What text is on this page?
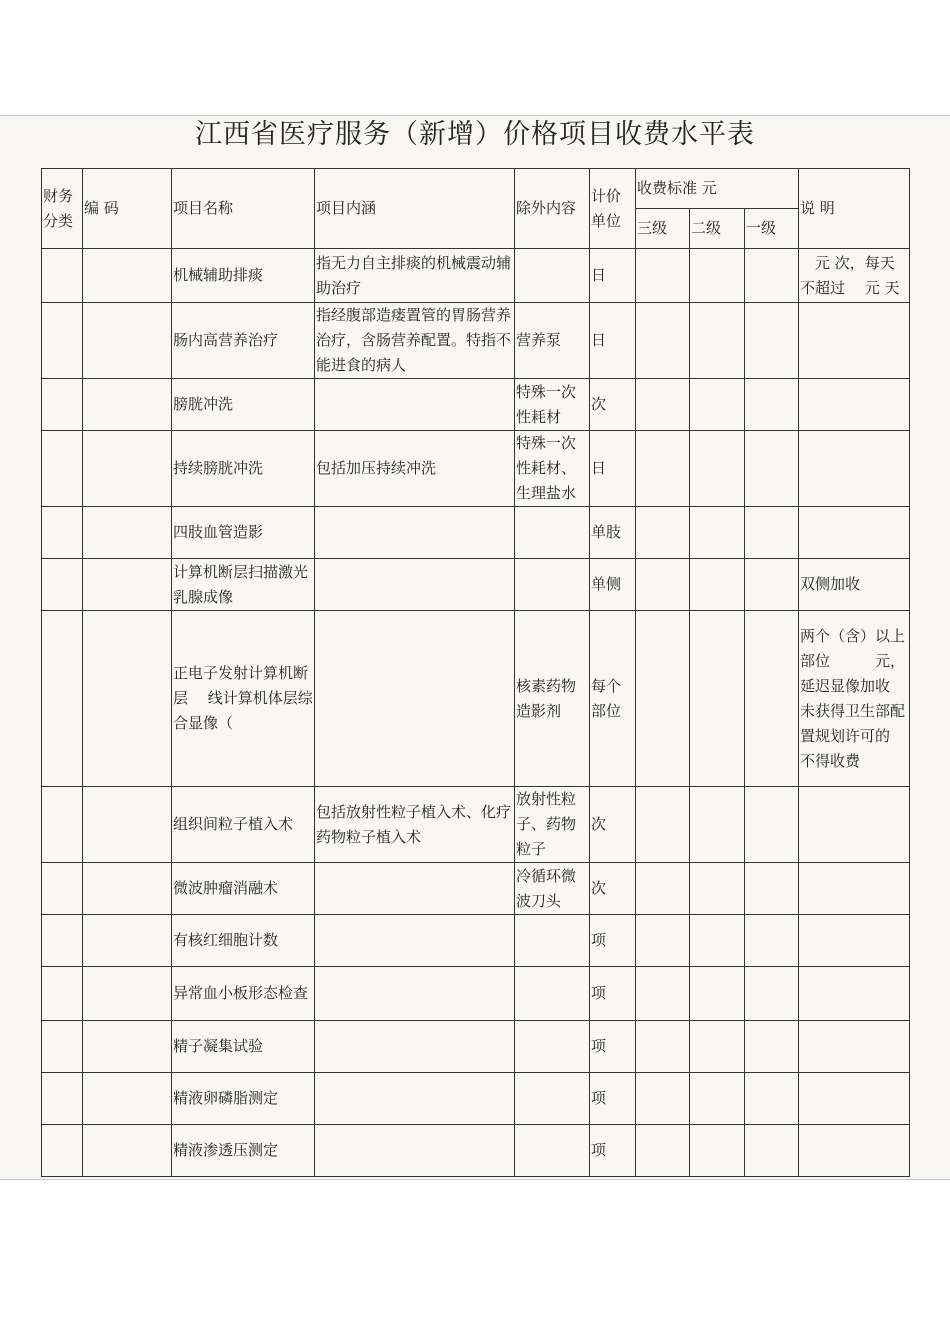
江西省医疗服务（新增）价格项目收费水平表
财务分类	编 码	项目名称	项目内涵	除外内容	计价单位	收费标准 元			说 明
						三级	二级	一级	
		机械辅助排痰	指无力自主排痰的机械震动辅助治疗		日				　元 次，每天不超过　 元 天
		肠内高营养治疗	指经腹部造瘘置管的胃肠营养治疗，含肠营养配置。特指不能进食的病人	营养泵	日				
		膀胱冲洗		特殊一次性耗材	次				
		持续膀胱冲洗	包括加压持续冲洗	特殊一次性耗材、生理盐水	日				
		四肢血管造影			单肢				
		计算机断层扫描激光乳腺成像			单侧				双侧加收
		正电子发射计算机断层　 线计算机体层综合显像（		核素药物造影剂	每个部位				两个（含）以上部位　　　元，延迟显像加收　　未获得卫生部配置规划许可的 不得收费
		组织间粒子植入术	包括放射性粒子植入术、化疗药物粒子植入术	放射性粒子、药物粒子	次				
		微波肿瘤消融术		冷循环微波刀头	次				
		有核红细胞计数			项				
		异常血小板形态检查			项				
		精子凝集试验			项				
		精液卵磷脂测定			项				
		精液渗透压测定			项				
